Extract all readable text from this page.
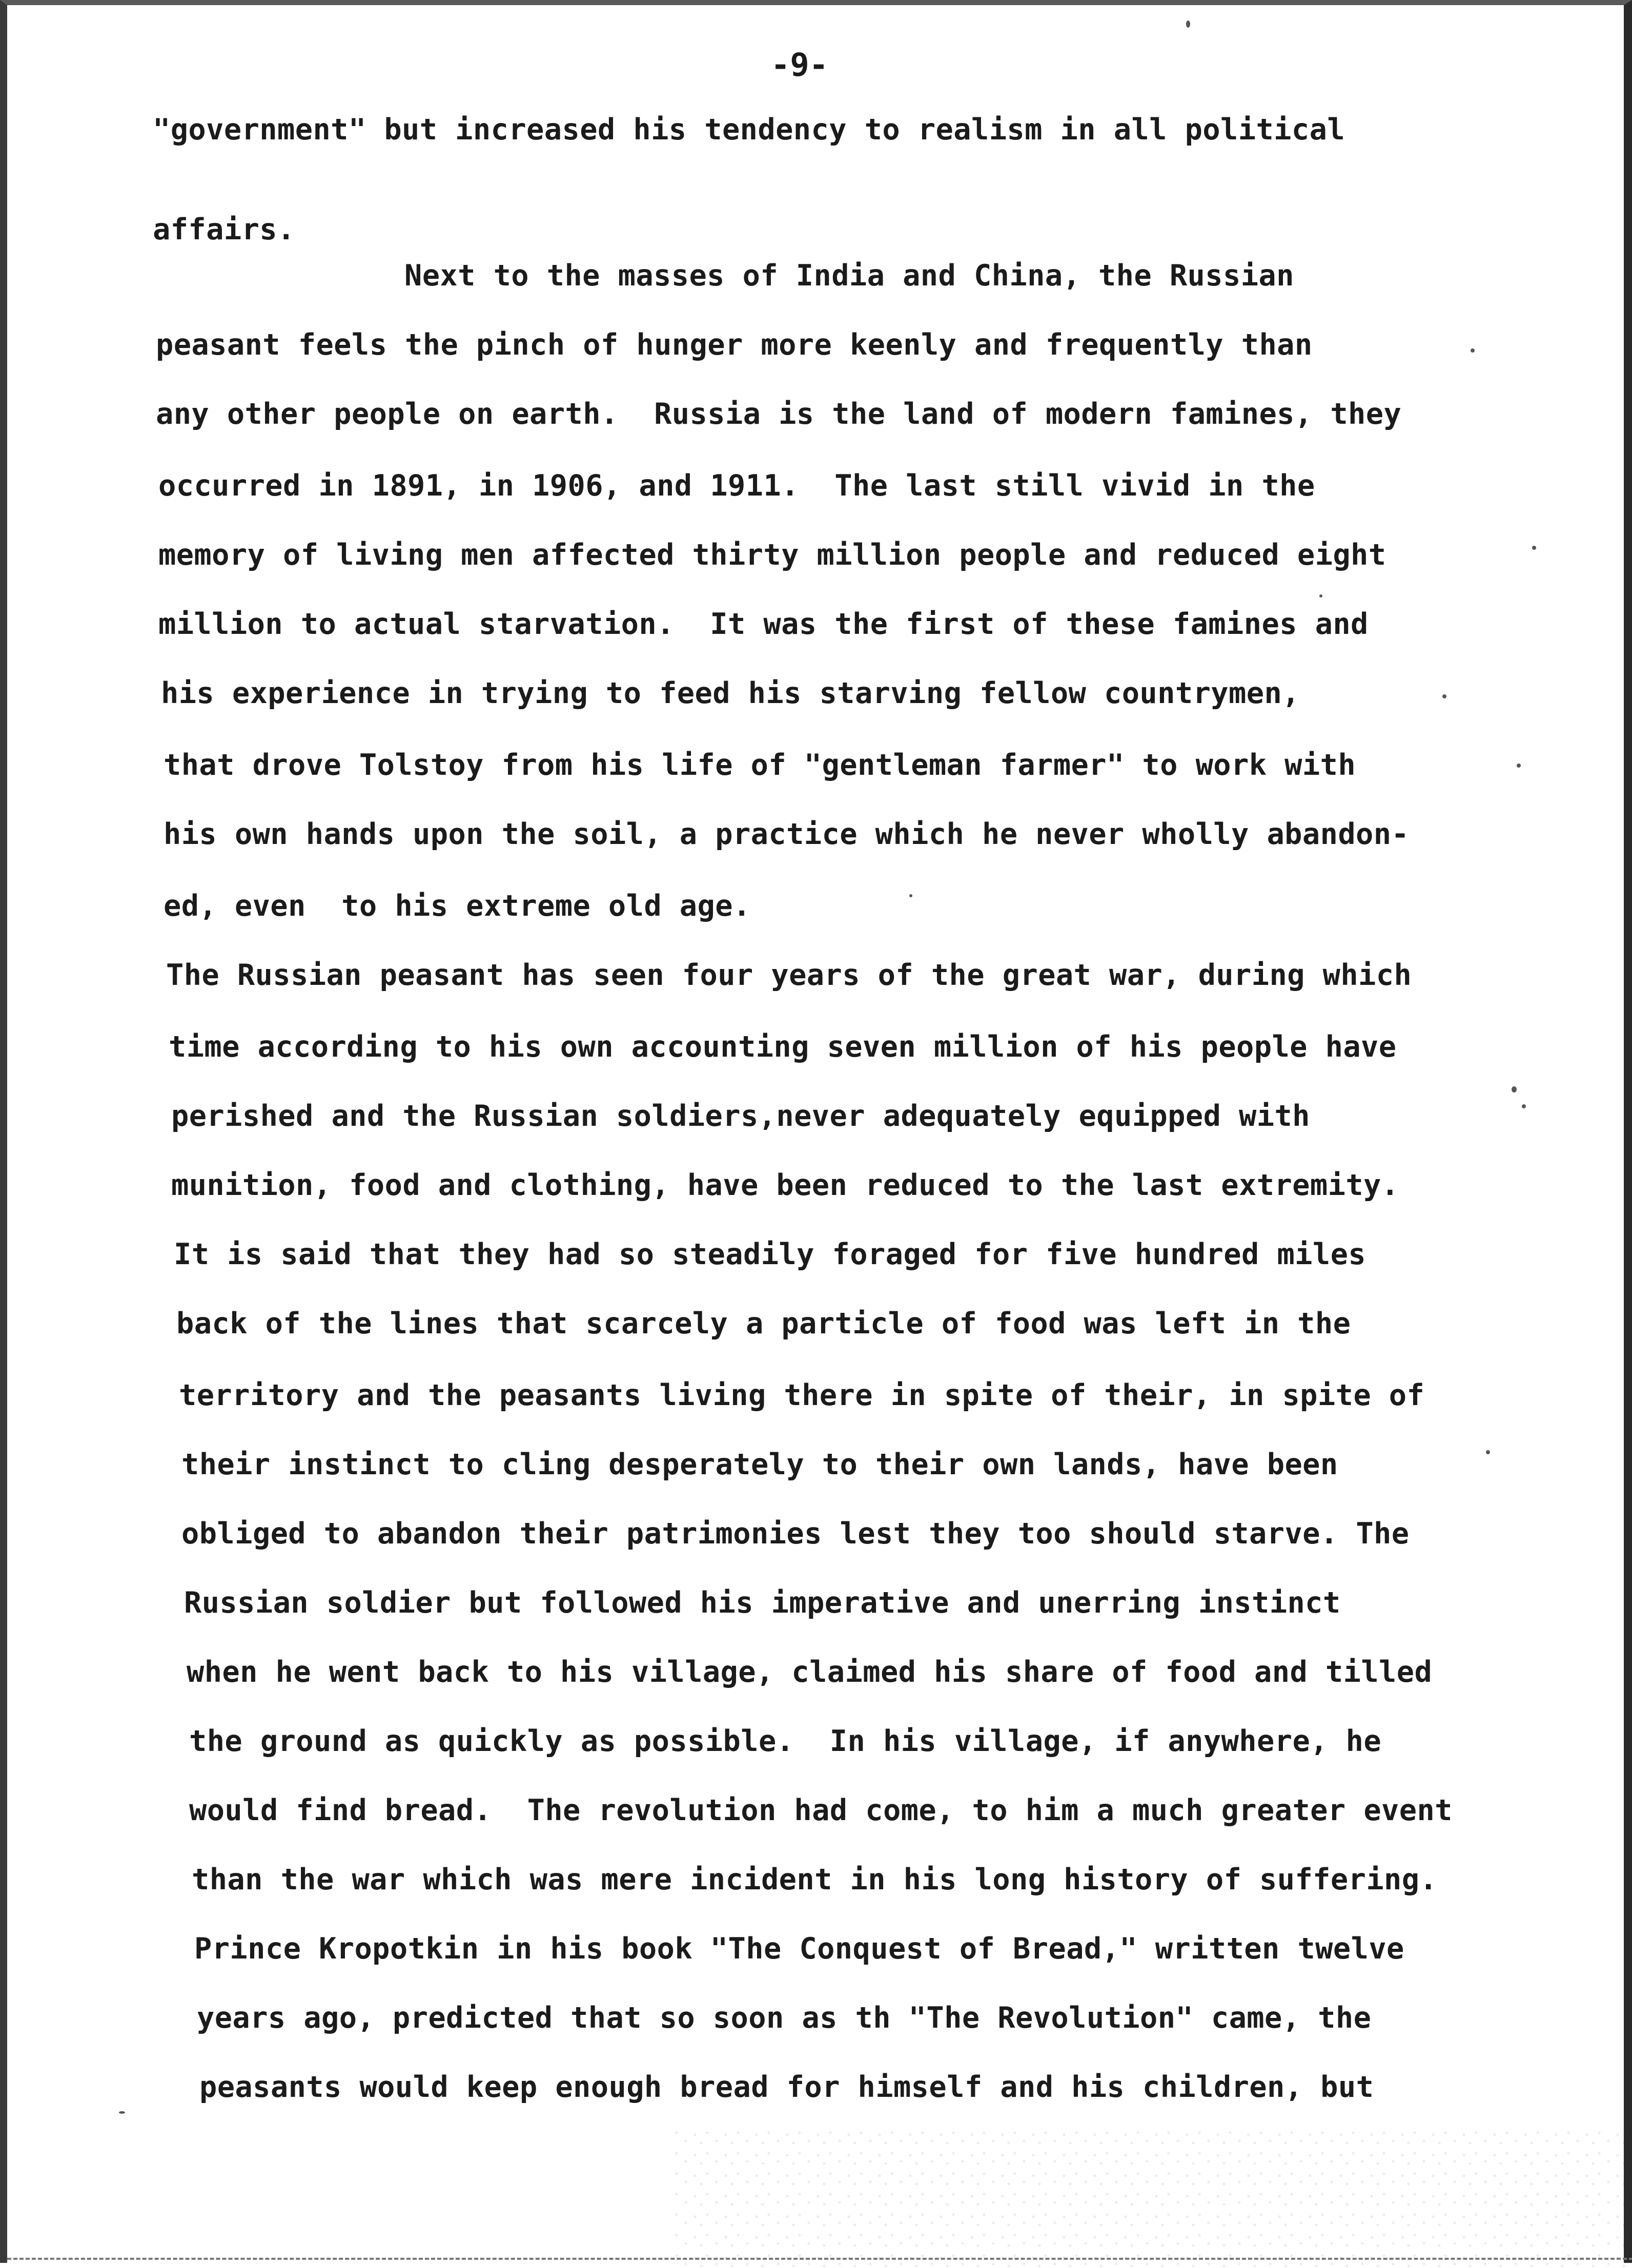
-9-
"government" but increased his tendency to realism in all political
affairs.
Next to the masses of India and China, the Russian
peasant feels the pinch of hunger more keenly and frequently than
any other people on earth.  Russia is the land of modern famines, they
occurred in 1891, in 1906, and 1911.  The last still vivid in the
memory of living men affected thirty million people and reduced eight
million to actual starvation.  It was the first of these famines and
his experience in trying to feed his starving fellow countrymen,
that drove Tolstoy from his life of "gentleman farmer" to work with
his own hands upon the soil, a practice which he never wholly abandon-
ed, even  to his extreme old age.
The Russian peasant has seen four years of the great war, during which
time according to his own accounting seven million of his people have
perished and the Russian soldiers,never adequately equipped with
munition, food and clothing, have been reduced to the last extremity.
It is said that they had so steadily foraged for five hundred miles
back of the lines that scarcely a particle of food was left in the
territory and the peasants living there in spite of their, in spite of
their instinct to cling desperately to their own lands, have been
obliged to abandon their patrimonies lest they too should starve. The
Russian soldier but followed his imperative and unerring instinct
when he went back to his village, claimed his share of food and tilled
the ground as quickly as possible.  In his village, if anywhere, he
would find bread.  The revolution had come, to him a much greater event
than the war which was mere incident in his long history of suffering.
Prince Kropotkin in his book "The Conquest of Bread," written twelve
years ago, predicted that so soon as th "The Revolution" came, the
peasants would keep enough bread for himself and his children, but
